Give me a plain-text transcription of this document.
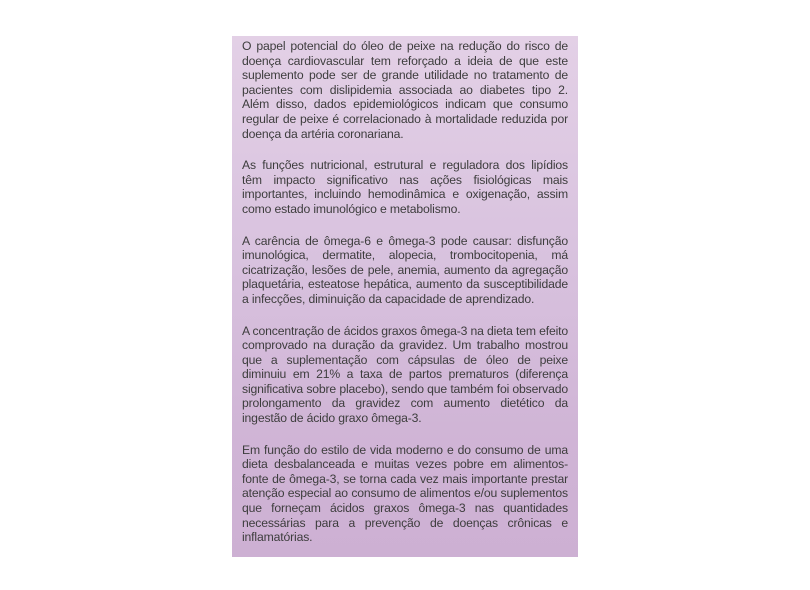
O papel potencial do óleo de peixe na redução do risco de doença cardiovascular tem reforçado a ideia de que este suplemento pode ser de grande utilidade no tratamento de pacientes com dislipidemia associada ao diabetes tipo 2. Além disso, dados epidemiológicos indicam que consumo regular de peixe é correlacionado à mortalidade reduzida por doença da artéria coronariana.

As funções nutricional, estrutural e reguladora dos lipídios têm impacto significativo nas ações fisiológicas mais importantes, incluindo hemodinâmica e oxigenação, assim como estado imunológico e metabolismo.

A carência de ômega-6 e ômega-3 pode causar: disfunção imunológica, dermatite, alopecia, trombocitopenia, má cicatrização, lesões de pele, anemia, aumento da agregação plaquetária, esteatose hepática, aumento da susceptibilidade a infecções, diminuição da capacidade de aprendizado.

A concentração de ácidos graxos ômega-3 na dieta tem efeito comprovado na duração da gravidez. Um trabalho mostrou que a suplementação com cápsulas de óleo de peixe diminuiu em 21% a taxa de partos prematuros (diferença significativa sobre placebo), sendo que também foi observado prolongamento da gravidez com aumento dietético da ingestão de ácido graxo ômega-3.

Em função do estilo de vida moderno e do consumo de uma dieta desbalanceada e muitas vezes pobre em alimentos-fonte de ômega-3, se torna cada vez mais importante prestar atenção especial ao consumo de alimentos e/ou suplementos que forneçam ácidos graxos ômega-3 nas quantidades necessárias para a prevenção de doenças crônicas e inflamatórias.
